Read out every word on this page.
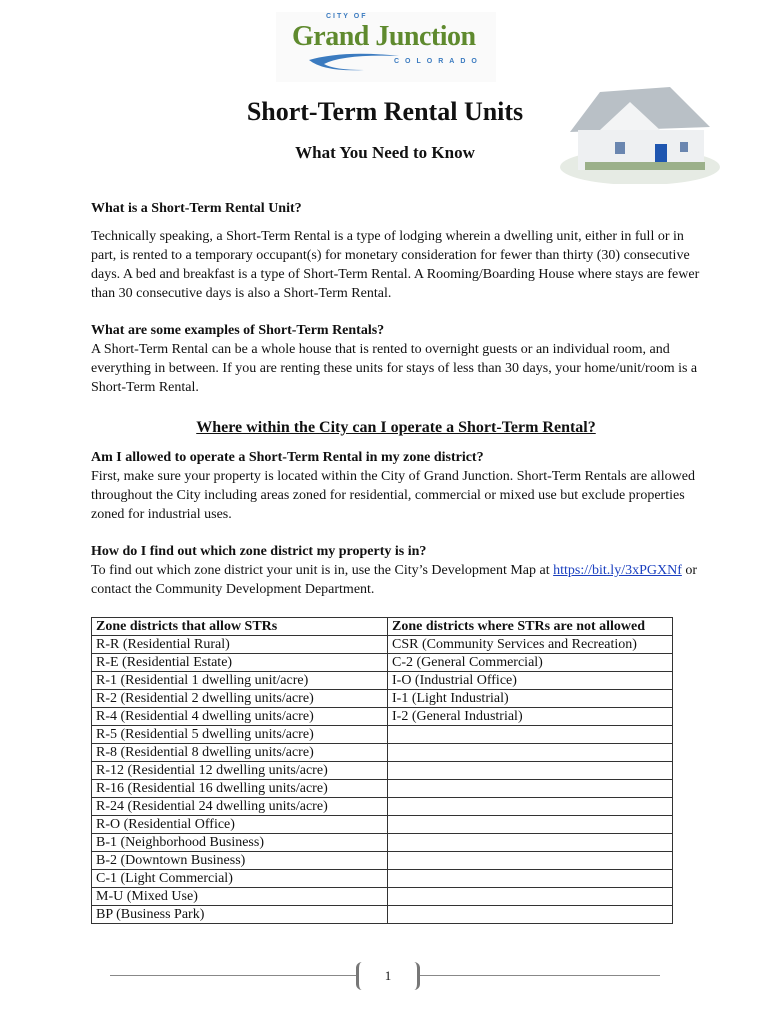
CITY OF
Grand Junction
COLORADO
Short-Term Rental Units
What You Need to Know

What is a Short-Term Rental Unit?

Technically speaking, a Short-Term Rental is a type of lodging wherein a dwelling unit, either in full or in part, is rented to a temporary occupant(s) for monetary consideration for fewer than thirty (30) consecutive days. A bed and breakfast is a type of Short-Term Rental. A Rooming/Boarding House where stays are fewer than 30 consecutive days is also a Short-Term Rental.

What are some examples of Short-Term Rentals?

A Short-Term Rental can be a whole house that is rented to overnight guests or an individual room, and everything in between. If you are renting these units for stays of less than 30 days, your home/unit/room is a Short-Term Rental.

Where within the City can I operate a Short-Term Rental?

Am I allowed to operate a Short-Term Rental in my zone district?

First, make sure your property is located within the City of Grand Junction. Short-Term Rentals are allowed throughout the City including areas zoned for residential, commercial or mixed use but exclude properties zoned for industrial uses.

How do I find out which zone district my property is in?

To find out which zone district your unit is in, use the City’s Development Map at https://bit.ly/3xPGXNf or contact the Community Development Department.

Zone districts that allow STRs	Zone districts where STRs are not allowed
R-R (Residential Rural)	CSR (Community Services and Recreation)
R-E (Residential Estate)	C-2 (General Commercial)
R-1 (Residential 1 dwelling unit/acre)	I-O (Industrial Office)
R-2 (Residential 2 dwelling units/acre)	I-1 (Light Industrial)
R-4 (Residential 4 dwelling units/acre)	I-2 (General Industrial)
R-5 (Residential 5 dwelling units/acre)	
R-8 (Residential 8 dwelling units/acre)	
R-12 (Residential 12 dwelling units/acre)	
R-16 (Residential 16 dwelling units/acre)	
R-24 (Residential 24 dwelling units/acre)	
R-O (Residential Office)	
B-1 (Neighborhood Business)	
B-2 (Downtown Business)	
C-1 (Light Commercial)	
M-U (Mixed Use)	
BP (Business Park)	
1
